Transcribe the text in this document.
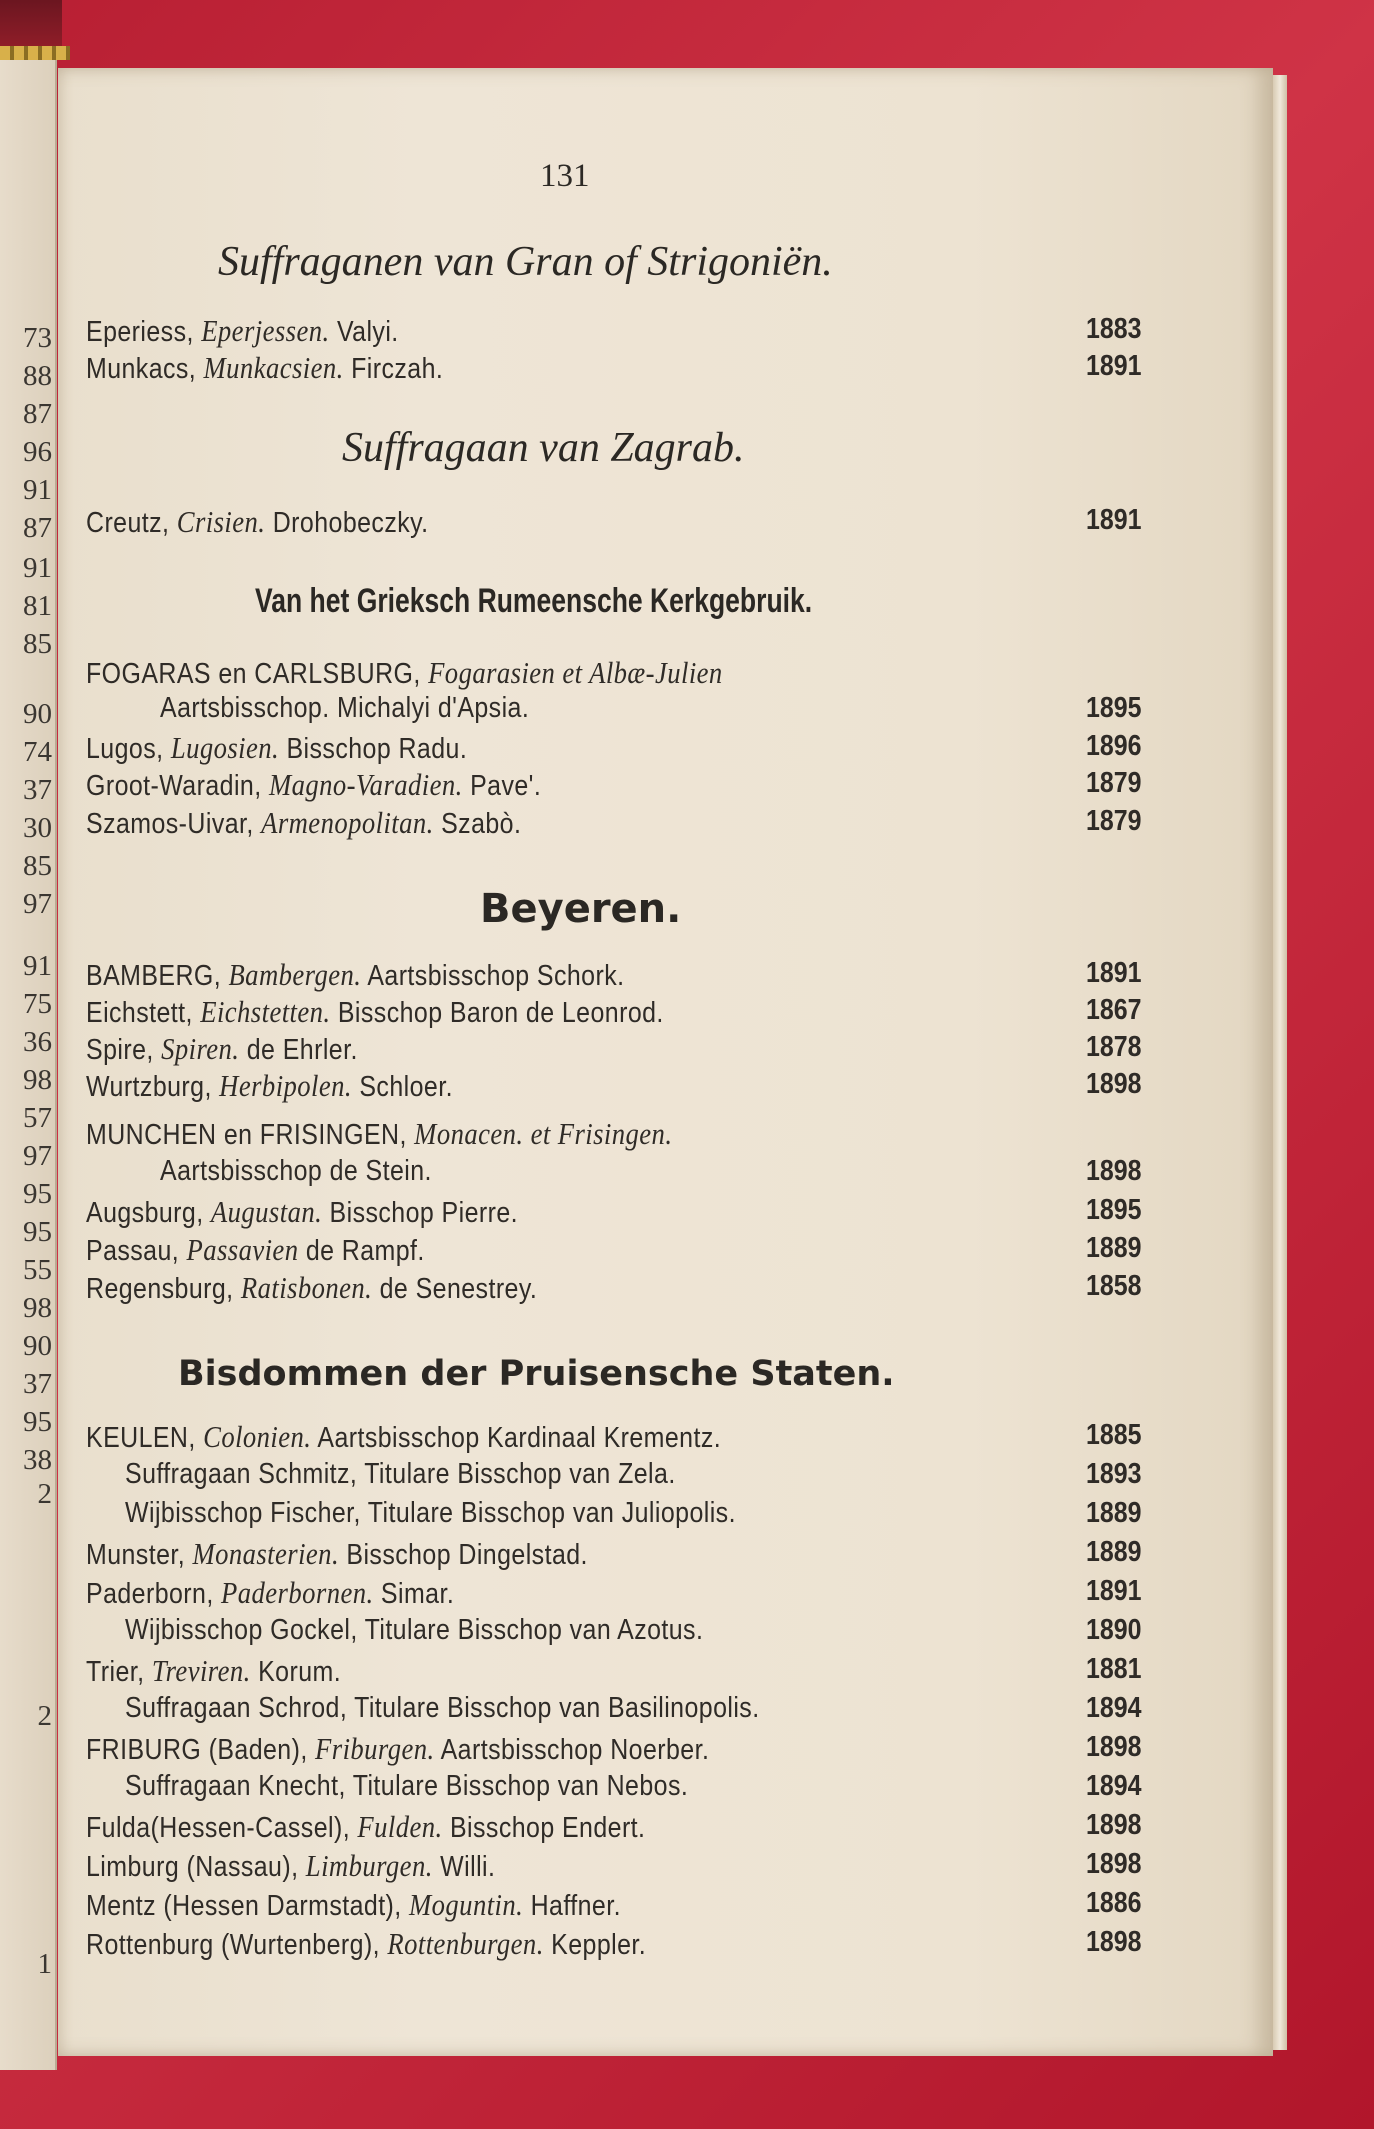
73
88
87
96
91
87
91
81
85
90
74
37
30
85
97
91
75
36
98
57
97
95
95
55
98
90
37
95
38
2
2
1
131
Suffraganen van Gran of Strigoniën.
Eperiess, Eperjessen. Valyi.	1883
Munkacs, Munkacsien. Firczah.	1891
Suffragaan van Zagrab.
Creutz, Crisien. Drohobeczky.	1891
Van het Grieksch Rumeensche Kerkgebruik.
FOGARAS en CARLSBURG, Fogarasien et Albæ-Julien
Aartsbisschop. Michalyi d'Apsia.	1895
Lugos, Lugosien. Bisschop Radu.	1896
Groot-Waradin, Magno-Varadien. Pave'.	1879
Szamos-Uivar, Armenopolitan. Szabò.	1879
Beyeren.
BAMBERG, Bambergen. Aartsbisschop Schork.	1891
Eichstett, Eichstetten. Bisschop Baron de Leonrod.	1867
Spire, Spiren. de Ehrler.	1878
Wurtzburg, Herbipolen. Schloer.	1898
MUNCHEN en FRISINGEN, Monacen. et Frisingen.
Aartsbisschop de Stein.	1898
Augsburg, Augustan. Bisschop Pierre.	1895
Passau, Passavien de Rampf.	1889
Regensburg, Ratisbonen. de Senestrey.	1858
Bisdommen der Pruisensche Staten.
KEULEN, Colonien. Aartsbisschop Kardinaal Krementz.	1885
Suffragaan Schmitz, Titulare Bisschop van Zela.	1893
Wijbisschop Fischer, Titulare Bisschop van Juliopolis.	1889
Munster, Monasterien. Bisschop Dingelstad.	1889
Paderborn, Paderbornen. Simar.	1891
Wijbisschop Gockel, Titulare Bisschop van Azotus.	1890
Trier, Treviren. Korum.	1881
Suffragaan Schrod, Titulare Bisschop van Basilinopolis.	1894
FRIBURG (Baden), Friburgen. Aartsbisschop Noerber.	1898
Suffragaan Knecht, Titulare Bisschop van Nebos.	1894
Fulda(Hessen-Cassel), Fulden. Bisschop Endert.	1898
Limburg (Nassau), Limburgen. Willi.	1898
Mentz (Hessen Darmstadt), Moguntin. Haffner.	1886
Rottenburg (Wurtenberg), Rottenburgen. Keppler.	1898
